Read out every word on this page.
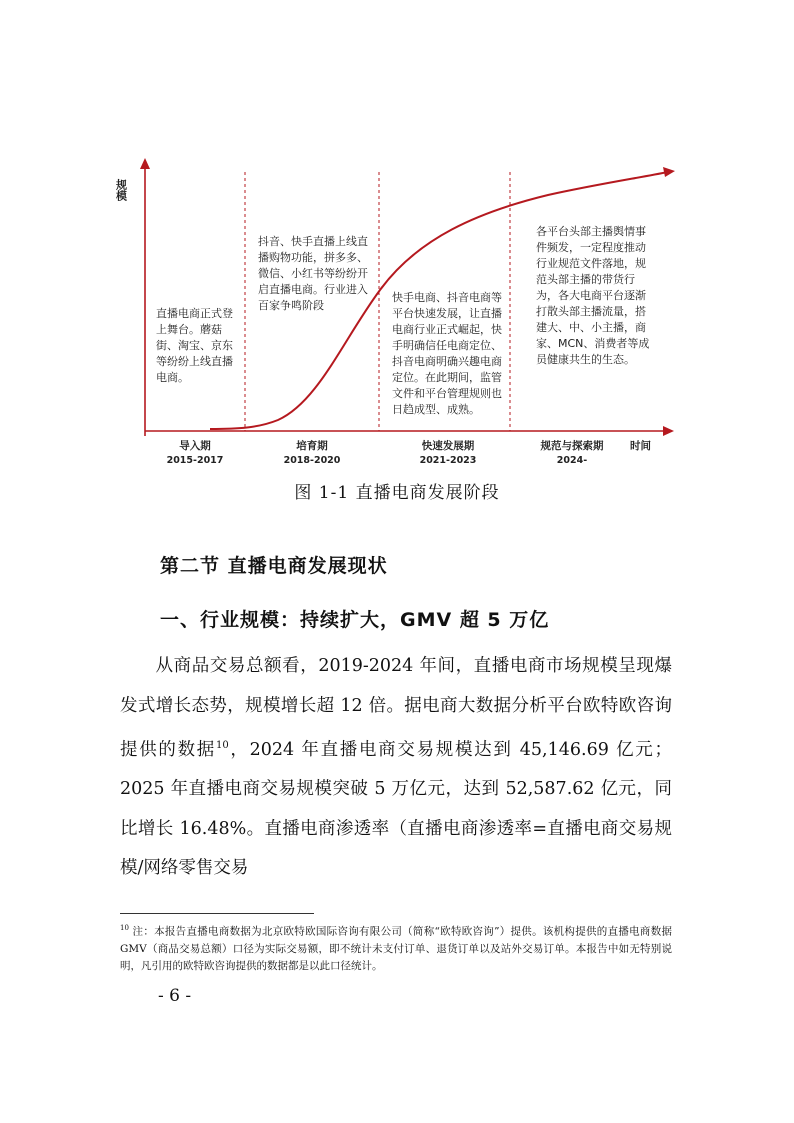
规模
时间
导入期
2015-2017
培育期
2018-2020
快速发展期
2021-2023
规范与探索期
2024-
直播电商正式登上舞台。蘑菇街、淘宝、京东等纷纷上线直播电商。
抖音、快手直播上线直播购物功能，拼多多、微信、小红书等纷纷开启直播电商。行业进入百家争鸣阶段
快手电商、抖音电商等平台快速发展，让直播电商行业正式崛起，快手明确信任电商定位、抖音电商明确兴趣电商定位。在此期间，监管文件和平台管理规则也日趋成型、成熟。
各平台头部主播舆情事件频发，一定程度推动行业规范文件落地，规范头部主播的带货行为，各大电商平台逐渐打散头部主播流量，搭建大、中、小主播，商家、MCN、消费者等成员健康共生的生态。
图 1-1 直播电商发展阶段
第二节 直播电商发展现状
一、行业规模：持续扩大，GMV 超 5 万亿
从商品交易总额看，2019-2024 年间，直播电商市场规模呈现爆发式增长态势，规模增长超 12 倍。据电商大数据分析平台欧特欧咨询提供的数据$^{10}$，2024 年直播电商交易规模达到 45,146.69 亿元；2025 年直播电商交易规模突破 5 万亿元，达到 52,587.62 亿元，同比增长 16.48%。直播电商渗透率（直播电商渗透率=直播电商交易规模/网络零售交易
$^{10}$ 注：本报告直播电商数据为北京欧特欧国际咨询有限公司（简称“欧特欧咨询”）提供。该机构提供的直播电商数据 GMV（商品交易总额）口径为实际交易额，即不统计未支付订单、退货订单以及站外交易订单。本报告中如无特别说明，凡引用的欧特欧咨询提供的数据都是以此口径统计。
- 6 -
